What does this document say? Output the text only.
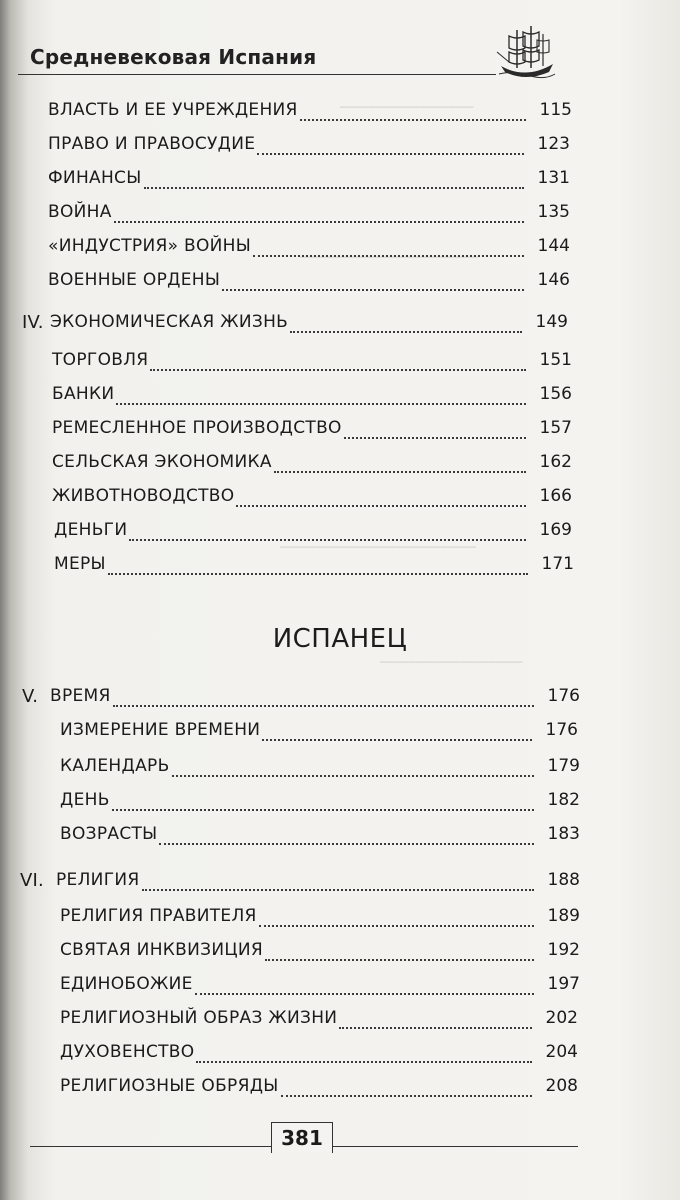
───────────────
────────────────────
──────────────────────
────────────────
Средневековая Испания
ВЛАСТЬ И ЕЕ УЧРЕЖДЕНИЯ	115
ПРАВО И ПРАВОСУДИЕ	123
ФИНАНСЫ	131
ВОЙНА	135
«ИНДУСТРИЯ» ВОЙНЫ	144
ВОЕННЫЕ ОРДЕНЫ	146
IV. ЭКОНОМИЧЕСКАЯ ЖИЗНЬ	149
ТОРГОВЛЯ	151
БАНКИ	156
РЕМЕСЛЕННОЕ ПРОИЗВОДСТВО	157
СЕЛЬСКАЯ ЭКОНОМИКА	162
ЖИВОТНОВОДСТВО	166
ДЕНЬГИ	169
МЕРЫ	171
V. ВРЕМЯ	176
ИЗМЕРЕНИЕ ВРЕМЕНИ	176
КАЛЕНДАРЬ	179
ДЕНЬ	182
ВОЗРАСТЫ	183
VI. РЕЛИГИЯ	188
РЕЛИГИЯ ПРАВИТЕЛЯ	189
СВЯТАЯ ИНКВИЗИЦИЯ	192
ЕДИНОБОЖИЕ	197
РЕЛИГИОЗНЫЙ ОБРАЗ ЖИЗНИ	202
ДУХОВЕНСТВО	204
РЕЛИГИОЗНЫЕ ОБРЯДЫ	208
ИСПАНЕЦ
381
